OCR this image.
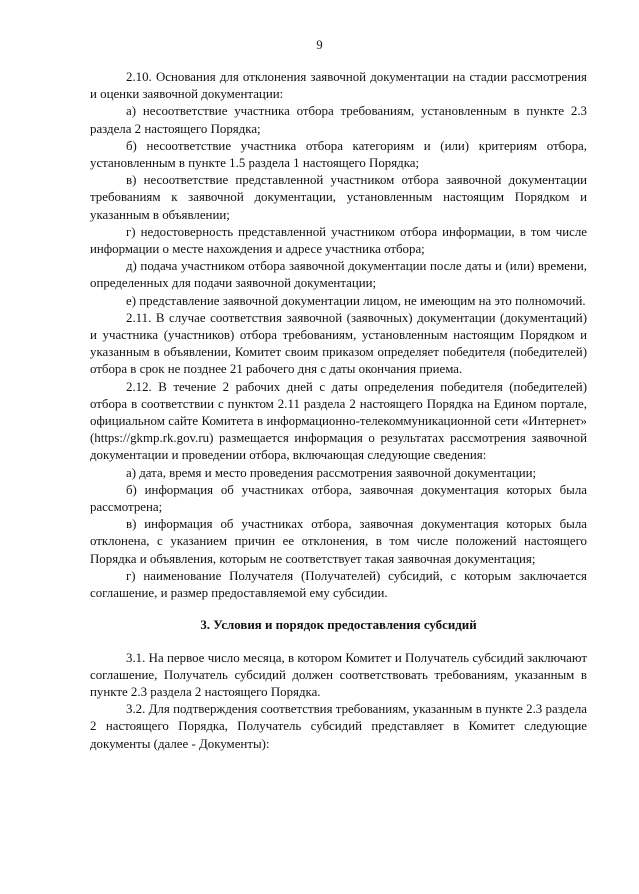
9

2.10. Основания для отклонения заявочной документации на стадии рассмотрения и оценки заявочной документации:

а) несоответствие участника отбора требованиям, установленным в пункте 2.3 раздела 2 настоящего Порядка;

б) несоответствие участника отбора категориям и (или) критериям отбора, установленным в пункте 1.5 раздела 1 настоящего Порядка;

в) несоответствие представленной участником отбора заявочной документации требованиям к заявочной документации, установленным настоящим Порядком и указанным в объявлении;

г) недостоверность представленной участником отбора информации, в том числе информации о месте нахождения и адресе участника отбора;

д) подача участником отбора заявочной документации после даты и (или) времени, определенных для подачи заявочной документации;

е) представление заявочной документации лицом, не имеющим на это полномочий.

2.11. В случае соответствия заявочной (заявочных) документации (документаций) и участника (участников) отбора требованиям, установленным настоящим Порядком и указанным в объявлении, Комитет своим приказом определяет победителя (победителей) отбора в срок не позднее 21 рабочего дня с даты окончания приема.

2.12. В течение 2 рабочих дней с даты определения победителя (победителей) отбора в соответствии с пунктом 2.11 раздела 2 настоящего Порядка на Едином портале, официальном сайте Комитета в информационно-телекоммуникационной сети «Интернет» (https://gkmp.rk.gov.ru) размещается информация о результатах рассмотрения заявочной документации и проведении отбора, включающая следующие сведения:

а) дата, время и место проведения рассмотрения заявочной документации;

б) информация об участниках отбора, заявочная документация которых была рассмотрена;

в) информация об участниках отбора, заявочная документация которых была отклонена, с указанием причин ее отклонения, в том числе положений настоящего Порядка и объявления, которым не соответствует такая заявочная документация;

г) наименование Получателя (Получателей) субсидий, с которым заключается соглашение, и размер предоставляемой ему субсидии.

3. Условия и порядок предоставления субсидий

3.1. На первое число месяца, в котором Комитет и Получатель субсидий заключают соглашение, Получатель субсидий должен соответствовать требованиям, указанным в пункте 2.3 раздела 2 настоящего Порядка.

3.2. Для подтверждения соответствия требованиям, указанным в пункте 2.3 раздела 2 настоящего Порядка, Получатель субсидий представляет в Комитет следующие документы (далее - Документы):
